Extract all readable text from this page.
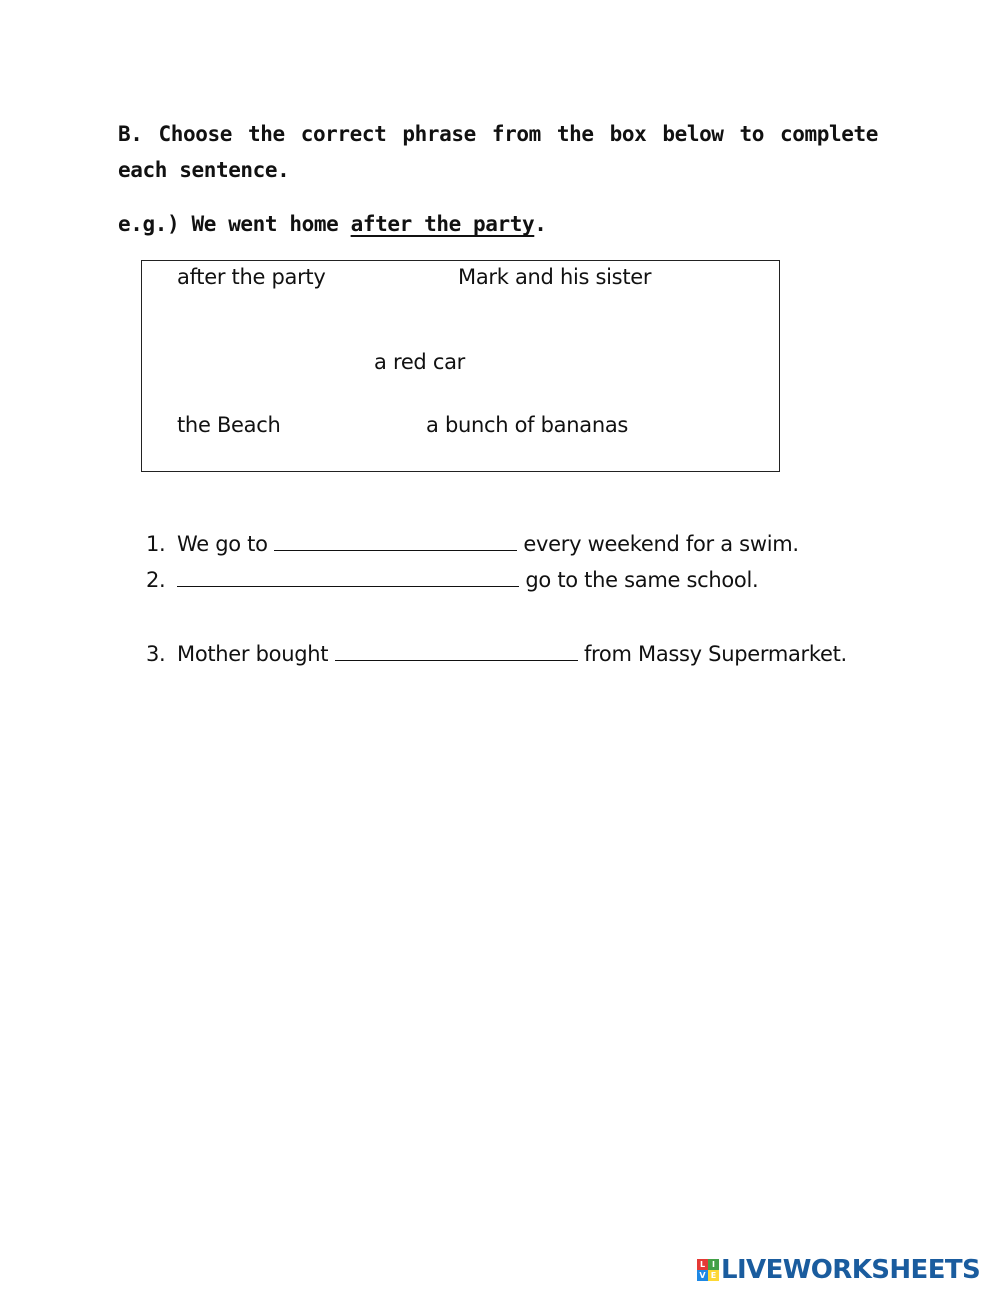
B. Choose the correct phrase from the box below to complete each sentence.
e.g.) We went home after the party.
after the party	Mark and his sister
a red car
the Beach	a bunch of bananas
1. We go to	every weekend for a swim.
2.	go to the same school.
3. Mother bought	from Massy Supermarket.
L I
V E LIVEWORKSHEETS
